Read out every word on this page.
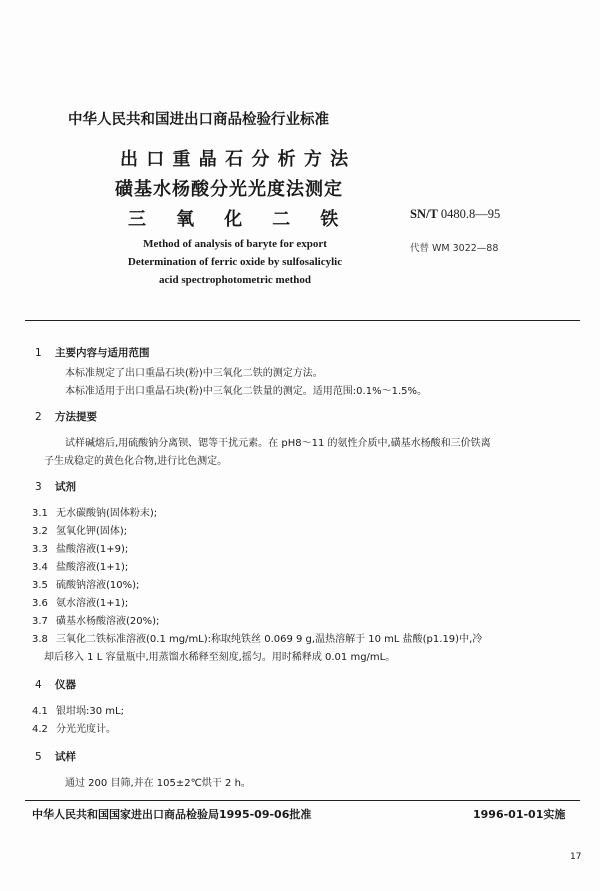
中华人民共和国进出口商品检验行业标准
出 口 重 晶 石 分 析 方 法
磺基水杨酸分光光度法测定
三    氧    化    二    铁
Method of analysis of baryte for export
Determination of ferric oxide by sulfosalicylic
acid spectrophotometric method
SN/T 0480.8—95
代替 WM 3022—88
1 主要内容与适用范围
本标准规定了出口重晶石块(粉)中三氧化二铁的测定方法。
本标准适用于出口重晶石块(粉)中三氧化二铁量的测定。适用范围:0.1%～1.5%。
2 方法提要
试样碱熔后,用硫酸钠分离钡、锶等干扰元素。在 pH8～11 的氨性介质中,磺基水杨酸和三价铁离
子生成稳定的黄色化合物,进行比色测定。
3 试剂
3.1 无水碳酸钠(固体粉末);
3.2 氢氧化钾(固体);
3.3 盐酸溶液(1+9);
3.4 盐酸溶液(1+1);
3.5 硫酸钠溶液(10%);
3.6 氨水溶液(1+1);
3.7 磺基水杨酸溶液(20%);
3.8 三氧化二铁标准溶液(0.1 mg/mL):称取纯铁丝 0.069 9 g,温热溶解于 10 mL 盐酸(p1.19)中,冷
却后移入 1 L 容量瓶中,用蒸馏水稀释至刻度,摇匀。用时稀释成 0.01 mg/mL。
4 仪器
4.1 银坩埚:30 mL;
4.2 分光光度计。
5 试样
通过 200 目筛,并在 105±2℃烘干 2 h。
中华人民共和国国家进出口商品检验局1995-09-06批准	1996-01-01实施
17
